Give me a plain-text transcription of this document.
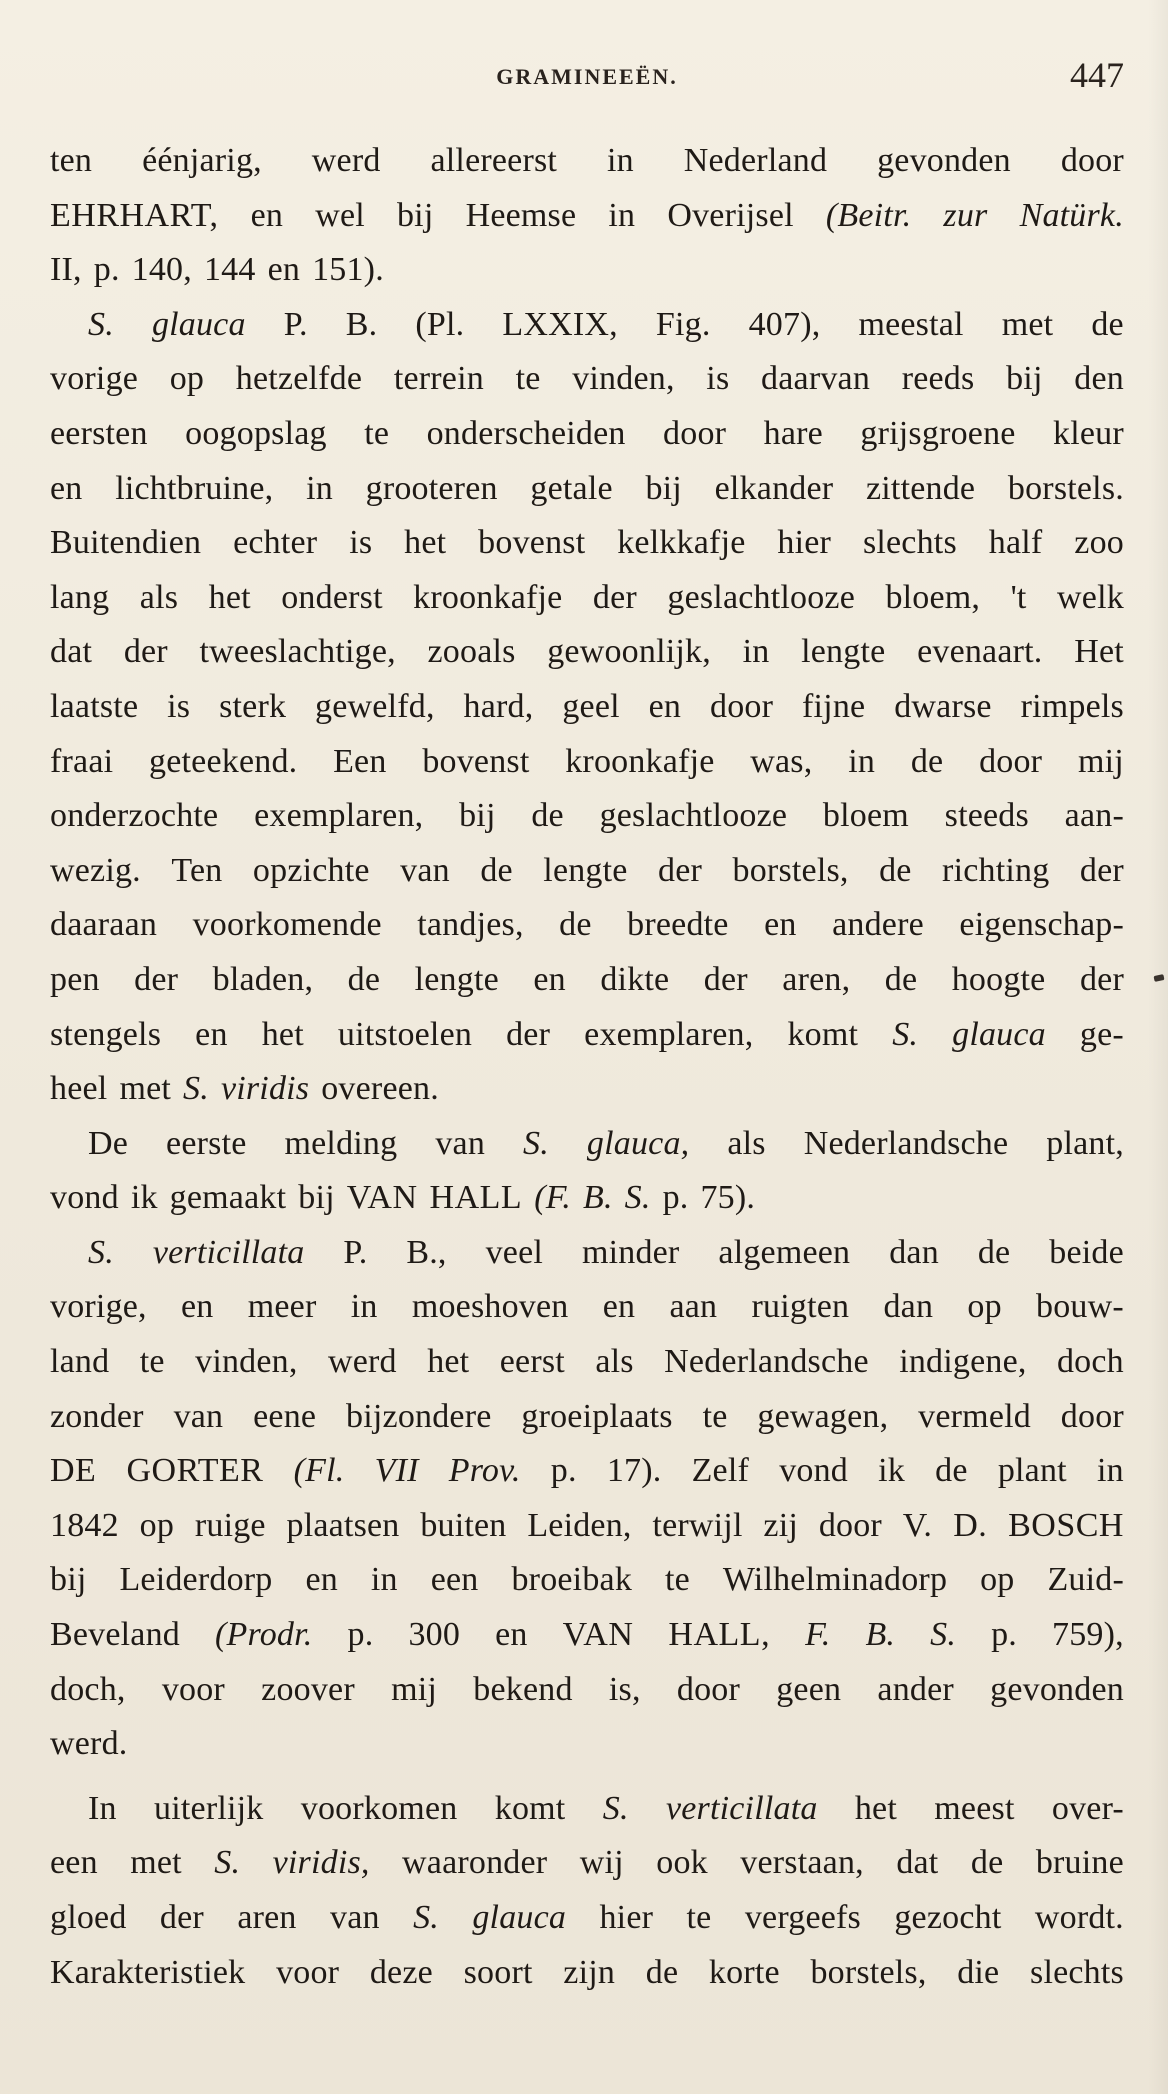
GRAMINEEËN.	447
ten éénjarig, werd allereerst in Nederland gevonden door
EHRHART, en wel bij Heemse in Overijsel (Beitr. zur Natürk.
II, p. 140, 144 en 151).
S. glauca P. B. (Pl. LXXIX, Fig. 407), meestal met de
vorige op hetzelfde terrein te vinden, is daarvan reeds bij den
eersten oogopslag te onderscheiden door hare grijsgroene kleur
en lichtbruine, in grooteren getale bij elkander zittende borstels.
Buitendien echter is het bovenst kelkkafje hier slechts half zoo
lang als het onderst kroonkafje der geslachtlooze bloem, 't welk
dat der tweeslachtige, zooals gewoonlijk, in lengte evenaart. Het
laatste is sterk gewelfd, hard, geel en door fijne dwarse rimpels
fraai geteekend. Een bovenst kroonkafje was, in de door mij
onderzochte exemplaren, bij de geslachtlooze bloem steeds aan-
wezig. Ten opzichte van de lengte der borstels, de richting der
daaraan voorkomende tandjes, de breedte en andere eigenschap-
pen der bladen, de lengte en dikte der aren, de hoogte der
stengels en het uitstoelen der exemplaren, komt S. glauca ge-
heel met S. viridis overeen.
De eerste melding van S. glauca, als Nederlandsche plant,
vond ik gemaakt bij VAN HALL (F. B. S. p. 75).
S. verticillata P. B., veel minder algemeen dan de beide
vorige, en meer in moeshoven en aan ruigten dan op bouw-
land te vinden, werd het eerst als Nederlandsche indigene, doch
zonder van eene bijzondere groeiplaats te gewagen, vermeld door
DE GORTER (Fl. VII Prov. p. 17). Zelf vond ik de plant in
1842 op ruige plaatsen buiten Leiden, terwijl zij door V. D. BOSCH
bij Leiderdorp en in een broeibak te Wilhelminadorp op Zuid-
Beveland (Prodr. p. 300 en VAN HALL, F. B. S. p. 759),
doch, voor zoover mij bekend is, door geen ander gevonden
werd.
In uiterlijk voorkomen komt S. verticillata het meest over-
een met S. viridis, waaronder wij ook verstaan, dat de bruine
gloed der aren van S. glauca hier te vergeefs gezocht wordt.
Karakteristiek voor deze soort zijn de korte borstels, die slechts
